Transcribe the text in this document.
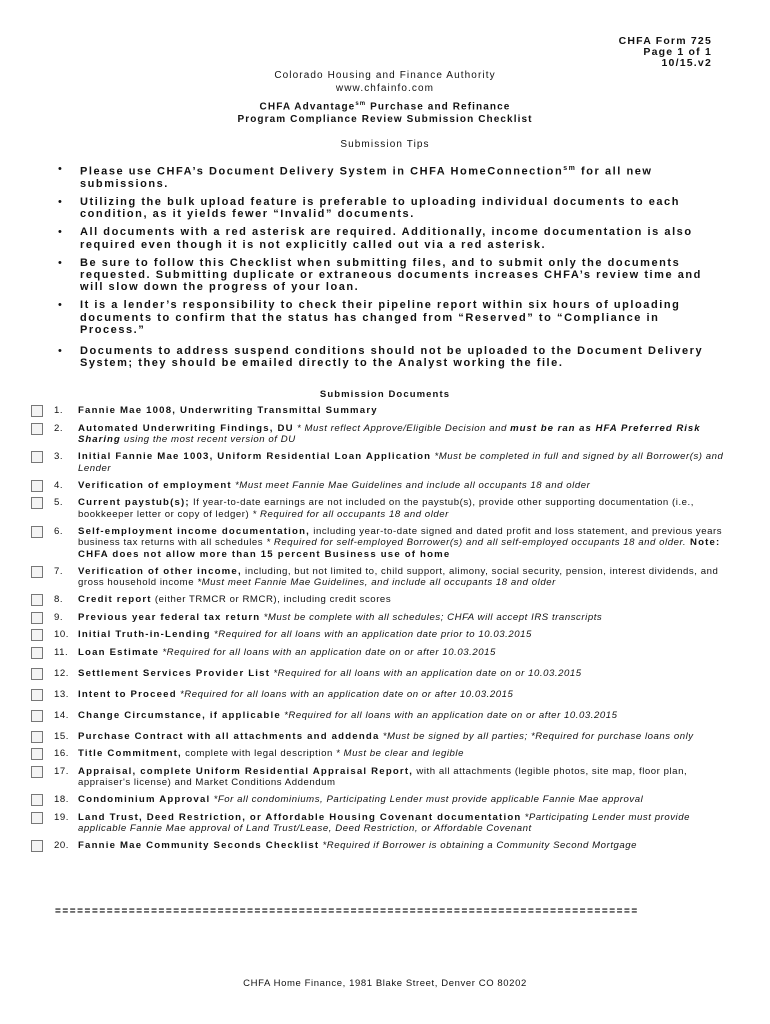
CHFA Form 725
Page 1 of 1
10/15.v2
Colorado Housing and Finance Authority
www.chfainfo.com
CHFA Advantage$^{sm}$ Purchase and Refinance
Program Compliance Review Submission Checklist
Submission Tips
• Please use CHFA’s Document Delivery System in CHFA HomeConnection$^{sm}$ for all new submissions.
• Utilizing the bulk upload feature is preferable to uploading individual documents to each condition, as it yields fewer “Invalid” documents.
• All documents with a red asterisk are required. Additionally, income documentation is also required even though it is not explicitly called out via a red asterisk.
• Be sure to follow this Checklist when submitting files, and to submit only the documents requested. Submitting duplicate or extraneous documents increases CHFA’s review time and will slow down the progress of your loan.
• It is a lender’s responsibility to check their pipeline report within six hours of uploading documents to confirm that the status has changed from “Reserved” to “Compliance in Process.”
• Documents to address suspend conditions should not be uploaded to the Document Delivery System; they should be emailed directly to the Analyst working the file.
Submission Documents
1. Fannie Mae 1008, Underwriting Transmittal Summary
2. Automated Underwriting Findings, DU * Must reflect Approve/Eligible Decision and must be ran as HFA Preferred Risk Sharing using the most recent version of DU
3. Initial Fannie Mae 1003, Uniform Residential Loan Application *Must be completed in full and signed by all Borrower(s) and Lender
4. Verification of employment *Must meet Fannie Mae Guidelines and include all occupants 18 and older
5. Current paystub(s); If year-to-date earnings are not included on the paystub(s), provide other supporting documentation (i.e., bookkeeper letter or copy of ledger) * Required for all occupants 18 and older
6. Self-employment income documentation, including year-to-date signed and dated profit and loss statement, and previous years business tax returns with all schedules * Required for self-employed Borrower(s) and all self-employed occupants 18 and older. Note: CHFA does not allow more than 15 percent Business use of home
7. Verification of other income, including, but not limited to, child support, alimony, social security, pension, interest dividends, and gross household income *Must meet Fannie Mae Guidelines, and include all occupants 18 and older
8. Credit report (either TRMCR or RMCR), including credit scores
9. Previous year federal tax return *Must be complete with all schedules; CHFA will accept IRS transcripts
10. Initial Truth-in-Lending *Required for all loans with an application date prior to 10.03.2015
11. Loan Estimate *Required for all loans with an application date on or after 10.03.2015
12. Settlement Services Provider List *Required for all loans with an application date on or 10.03.2015
13. Intent to Proceed *Required for all loans with an application date on or after 10.03.2015
14. Change Circumstance, if applicable *Required for all loans with an application date on or after 10.03.2015
15. Purchase Contract with all attachments and addenda *Must be signed by all parties; *Required for purchase loans only
16. Title Commitment, complete with legal description * Must be clear and legible
17. Appraisal, complete Uniform Residential Appraisal Report, with all attachments (legible photos, site map, floor plan, appraiser's license) and Market Conditions Addendum
18. Condominium Approval *For all condominiums, Participating Lender must provide applicable Fannie Mae approval
19. Land Trust, Deed Restriction, or Affordable Housing Covenant documentation *Participating Lender must provide applicable Fannie Mae approval of Land Trust/Lease, Deed Restriction, or Affordable Covenant
20. Fannie Mae Community Seconds Checklist *Required if Borrower is obtaining a Community Second Mortgage
===============================================================================
CHFA Home Finance, 1981 Blake Street, Denver CO 80202
